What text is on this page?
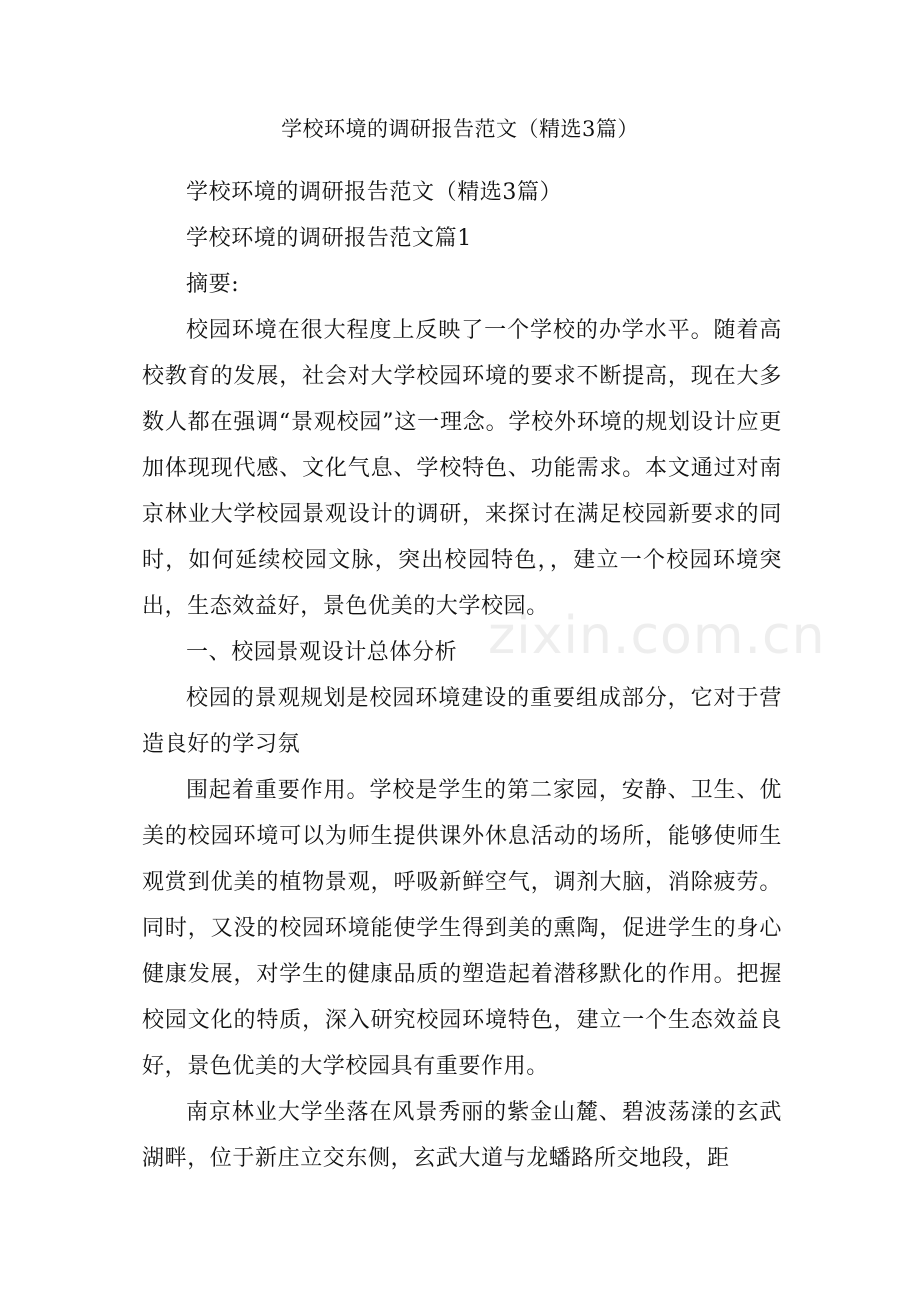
学校环境的调研报告范文（精选3篇）

学校环境的调研报告范文（精选3篇）

学校环境的调研报告范文篇1

摘要:

校园环境在很大程度上反映了一个学校的办学水平。随着高校教育的发展，社会对大学校园环境的要求不断提高，现在大多数人都在强调“景观校园”这一理念。学校外环境的规划设计应更加体现现代感、文化气息、学校特色、功能需求。本文通过对南京林业大学校园景观设计的调研，来探讨在满足校园新要求的同时，如何延续校园文脉，突出校园特色，，建立一个校园环境突出，生态效益好，景色优美的大学校园。

一、校园景观设计总体分析

校园的景观规划是校园环境建设的重要组成部分，它对于营造良好的学习氛

围起着重要作用。学校是学生的第二家园，安静、卫生、优美的校园环境可以为师生提供课外休息活动的场所，能够使师生观赏到优美的植物景观，呼吸新鲜空气，调剂大脑，消除疲劳。同时，又没的校园环境能使学生得到美的熏陶，促进学生的身心健康发展，对学生的健康品质的塑造起着潜移默化的作用。把握校园文化的特质，深入研究校园环境特色，建立一个生态效益良好，景色优美的大学校园具有重要作用。

南京林业大学坐落在风景秀丽的紫金山麓、碧波荡漾的玄武湖畔，位于新庄立交东侧，玄武大道与龙蟠路所交地段，距

zixin.com.cn
